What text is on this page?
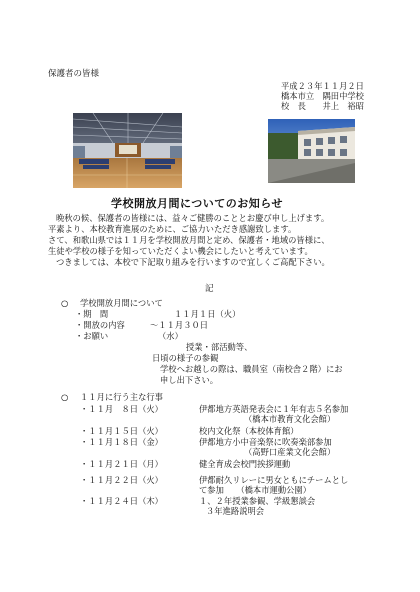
保護者の皆様
平成２３年１１月２日
橋本市立　隅田中学校
校　長　　井上　裕昭
学校開放月間についてのお知らせ
晩秋の候、保護者の皆様には、益々ご健勝のこととお慶び申し上げます。
平素より、本校教育進展のために、ご協力いただき感謝致します。
さて、和歌山県では１１月を学校開放月間と定め、保護者・地域の皆様に、
生徒や学校の様子を知っていただくよい機会にしたいと考えています。
つきましては、本校で下記取り組みを行いますので宜しくご高配下さい。
記
○ 学校開放月間について
・期　間	１１月１日（火）
・開放の内容	～１１月３０日
・お願い	（水）
授業・部活動等、
日頃の様子の参観
学校へお越しの際は、職員室（南校舎２階）にお
申し出下さい。
○ １１月に行う主な行事
・１１月　８日（火）	伊都地方英語発表会に１年有志５名参加
（橋本市教育文化会館）
・１１月１５日（火）	校内文化祭（本校体育館）
・１１月１８日（金）	伊都地方小中音楽祭に吹奏楽部参加
（高野口産業文化会館）
・１１月２１日（月）	健全育成会校門挨拶運動
・１１月２２日（火）	伊都耐久リレーに男女ともにチームとし
て参加　　（橋本市運動公園）
・１１月２４日（木）	１、２年授業参観、学級懇談会
３年進路説明会
